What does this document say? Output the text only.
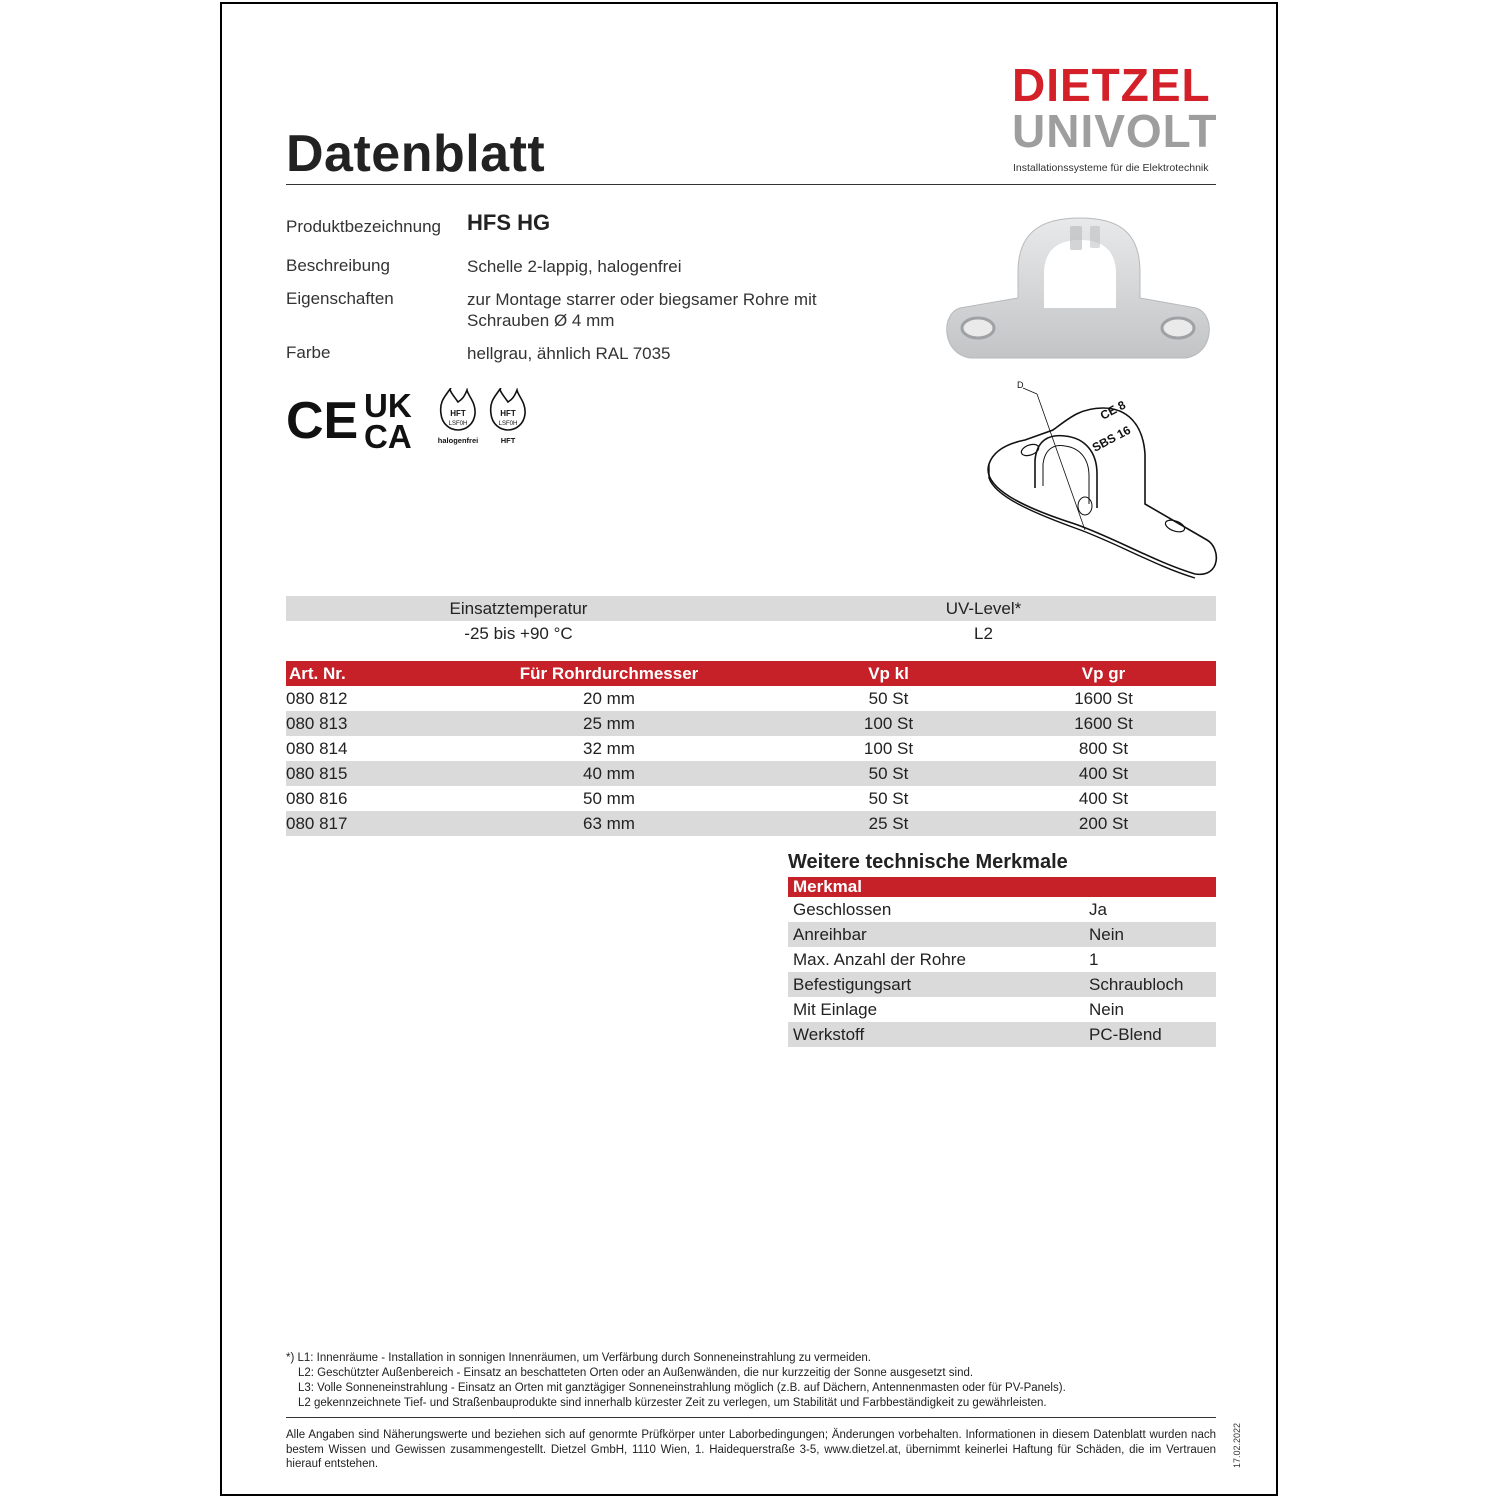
Datenblatt
DIETZEL
UNIVOLT
Installationssysteme für die Elektrotechnik
Produktbezeichnung HFS HG
Beschreibung	Schelle 2-lappig, halogenfrei
Eigenschaften	zur Montage starrer oder biegsamer Rohre mit Schrauben Ø 4 mm
Farbe	hellgrau, ähnlich RAL 7035
CE UK
CA
HFT
LSF0H
halogenfrei
HFT
LSF0H
HFT
D
CE 8
SBS 16
Einsatztemperatur	UV-Level*
-25 bis +90 °C	L2
Art. Nr.	Für Rohrdurchmesser	Vp kl	Vp gr
080 812	20 mm	50 St	1600 St
080 813	25 mm	100 St	1600 St
080 814	32 mm	100 St	800 St
080 815	40 mm	50 St	400 St
080 816	50 mm	50 St	400 St
080 817	63 mm	25 St	200 St
Weitere technische Merkmale
Merkmal
Geschlossen	Ja
Anreihbar	Nein
Max. Anzahl der Rohre	1
Befestigungsart	Schraubloch
Mit Einlage	Nein
Werkstoff	PC-Blend
*) L1: Innenräume - Installation in sonnigen Innenräumen, um Verfärbung durch Sonneneinstrahlung zu vermeiden.
L2: Geschützter Außenbereich - Einsatz an beschatteten Orten oder an Außenwänden, die nur kurzzeitig der Sonne ausgesetzt sind.
L3: Volle Sonneneinstrahlung - Einsatz an Orten mit ganztägiger Sonneneinstrahlung möglich (z.B. auf Dächern, Antennenmasten oder für PV-Panels).
L2 gekennzeichnete Tief- und Straßenbauprodukte sind innerhalb kürzester Zeit zu verlegen, um Stabilität und Farbbeständigkeit zu gewährleisten.
Alle Angaben sind Näherungswerte und beziehen sich auf genormte Prüfkörper unter Laborbedingungen; Änderungen vorbehalten. Informationen in diesem Datenblatt wurden nach bestem Wissen und Gewissen zusammengestellt. Dietzel GmbH, 1110 Wien, 1. Haidequerstraße 3-5, www.dietzel.at, übernimmt keinerlei Haftung für Schäden, die im Vertrauen hierauf entstehen.	17.02.2022
